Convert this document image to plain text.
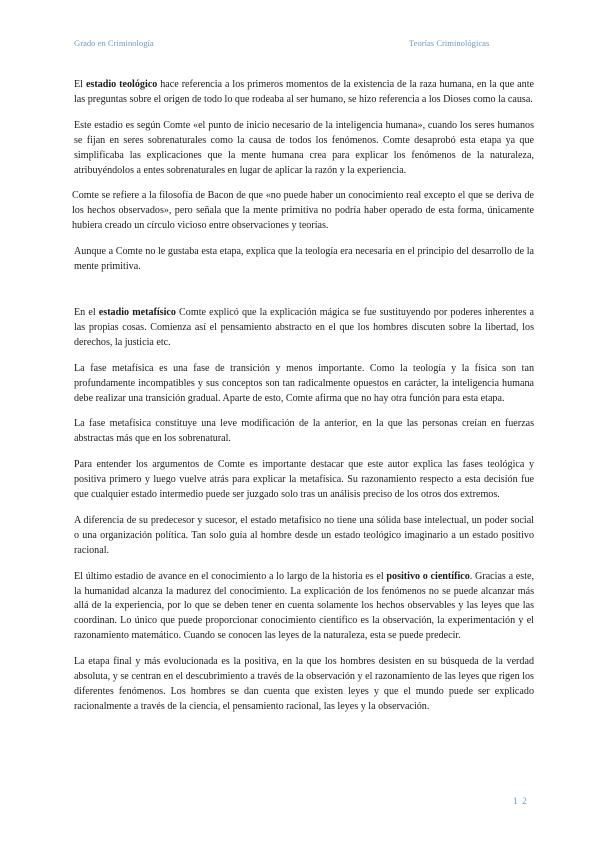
Grado en Criminología	Teorías Criminológicas

El estadio teológico hace referencia a los primeros momentos de la existencia de la raza humana, en la que ante las preguntas sobre el origen de todo lo que rodeaba al ser humano, se hizo referencia a los Dioses como la causa.

Este estadio es según Comte «el punto de inicio necesario de la inteligencia humana», cuando los seres humanos se fijan en seres sobrenaturales como la causa de todos los fenómenos. Comte desaprobó esta etapa ya que simplificaba las explicaciones que la mente humana crea para explicar los fenómenos de la naturaleza, atribuyéndolos a entes sobrenaturales en lugar de aplicar la razón y la experiencia.

Comte se refiere a la filosofía de Bacon de que «no puede haber un conocimiento real excepto el que se deriva de los hechos observados», pero señala que la mente primitiva no podría haber operado de esta forma, únicamente hubiera creado un círculo vicioso entre observaciones y teorías.

Aunque a Comte no le gustaba esta etapa, explica que la teología era necesaria en el principio del desarrollo de la mente primitiva.

En el estadio metafísico Comte explicó que la explicación mágica se fue sustituyendo por poderes inherentes a las propias cosas. Comienza así el pensamiento abstracto en el que los hombres discuten sobre la libertad, los derechos, la justicia etc.

La fase metafísica es una fase de transición y menos importante. Como la teología y la física son tan profundamente incompatibles y sus conceptos son tan radicalmente opuestos en carácter, la inteligencia humana debe realizar una transición gradual. Aparte de esto, Comte afirma que no hay otra función para esta etapa.

La fase metafísica constituye una leve modificación de la anterior, en la que las personas creían en fuerzas abstractas más que en los sobrenatural.

Para entender los argumentos de Comte es importante destacar que este autor explica las fases teológica y positiva primero y luego vuelve atrás para explicar la metafísica. Su razonamiento respecto a esta decisión fue que cualquier estado intermedio puede ser juzgado solo tras un análisis preciso de los otros dos extremos.

A diferencia de su predecesor y sucesor, el estado metafísico no tiene una sólida base intelectual, un poder social o una organización política. Tan solo guía al hombre desde un estado teológico imaginario a un estado positivo racional.

El último estadio de avance en el conocimiento a lo largo de la historia es el positivo o científico. Gracias a este, la humanidad alcanza la madurez del conocimiento. La explicación de los fenómenos no se puede alcanzar más allá de la experiencia, por lo que se deben tener en cuenta solamente los hechos observables y las leyes que las coordinan. Lo único que puede proporcionar conocimiento científico es la observación, la experimentación y el razonamiento matemático. Cuando se conocen las leyes de la naturaleza, esta se puede predecir.

La etapa final y más evolucionada es la positiva, en la que los hombres desisten en su búsqueda de la verdad absoluta, y se centran en el descubrimiento a través de la observación y el razonamiento de las leyes que rigen los diferentes fenómenos. Los hombres se dan cuenta que existen leyes y que el mundo puede ser explicado racionalmente a través de la ciencia, el pensamiento racional, las leyes y la observación.

1 2
